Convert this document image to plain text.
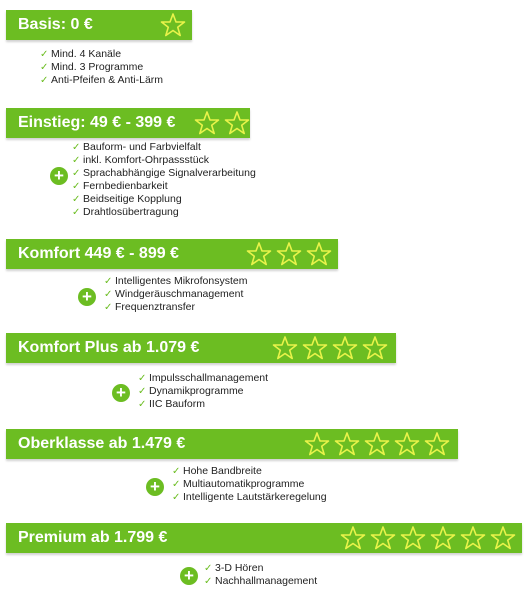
Basis: 0 €
✓ Mind. 4 Kanäle
✓ Mind. 3 Programme
✓ Anti-Pfeifen & Anti-Lärm
Einstieg: 49 € - 399 €
+
✓ Bauform- und Farbvielfalt
✓ inkl. Komfort-Ohrpassstück
✓ Sprachabhängige Signalverarbeitung
✓ Fernbedienbarkeit
✓ Beidseitige Kopplung
✓ Drahtlosübertragung
Komfort 449 € - 899 €
+
✓ Intelligentes Mikrofonsystem
✓ Windgeräuschmanagement
✓ Frequenztransfer
Komfort Plus ab 1.079 €
+
✓ Impulsschallmanagement
✓ Dynamikprogramme
✓ IIC Bauform
Oberklasse ab 1.479 €
+
✓ Hohe Bandbreite
✓ Multiautomatikprogramme
✓ Intelligente Lautstärkeregelung
Premium ab 1.799 €
+	✓ 3-D Hören
✓ Nachhallmanagement
